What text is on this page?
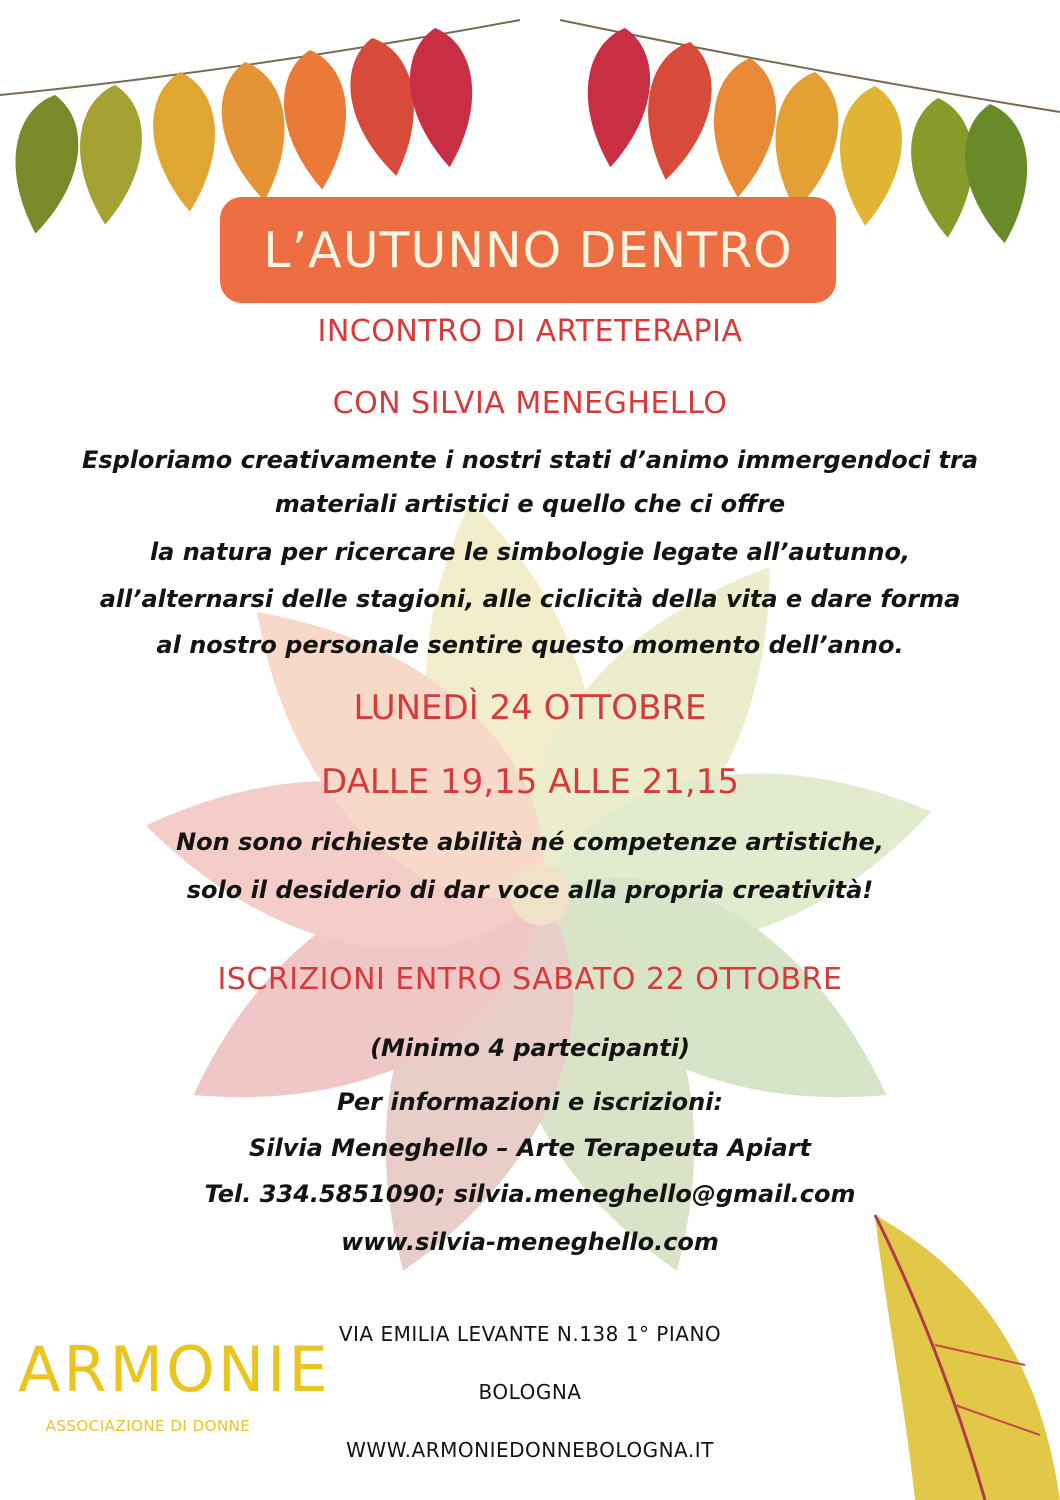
L’AUTUNNO DENTRO
INCONTRO DI ARTETERAPIA
CON SILVIA MENEGHELLO
Esploriamo creativamente i nostri stati d’animo immergendoci tra
materiali artistici e quello che ci offre
la natura per ricercare le simbologie legate all’autunno,
all’alternarsi delle stagioni, alle ciclicità della vita e dare forma
al nostro personale sentire questo momento dell’anno.
LUNEDÌ 24 OTTOBRE
DALLE 19,15 ALLE 21,15
Non sono richieste abilità né competenze artistiche,
solo il desiderio di dar voce alla propria creatività!
ISCRIZIONI ENTRO SABATO 22 OTTOBRE
(Minimo 4 partecipanti)
Per informazioni e iscrizioni:
Silvia Meneghello – Arte Terapeuta Apiart
Tel. 334.5851090; silvia.meneghello@gmail.com
www.silvia-meneghello.com
VIA EMILIA LEVANTE N.138 1° PIANO
BOLOGNA
WWW.ARMONIEDONNEBOLOGNA.IT
ARMONIE
ASSOCIAZIONE DI DONNE
